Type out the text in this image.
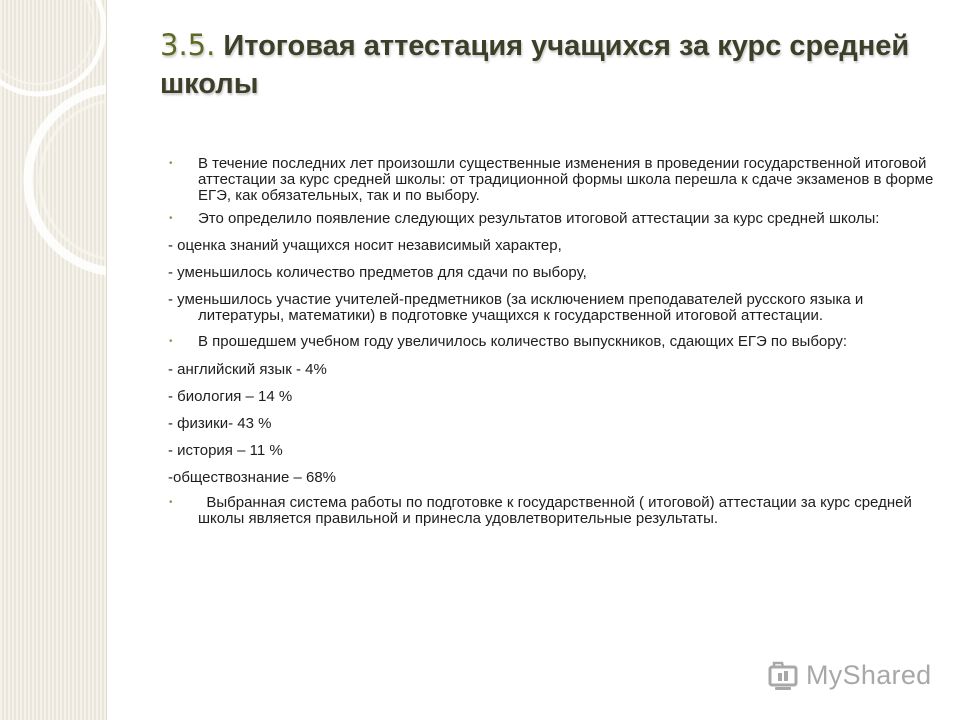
3.5. Итоговая аттестация учащихся за курс средней школы

• В течение последних лет произошли существенные изменения в проведении государственной итоговой аттестации за курс средней школы: от традиционной формы школа перешла к сдаче экзаменов в форме ЕГЭ, как обязательных, так и по выбору.

• Это определило появление следующих результатов итоговой аттестации за курс средней школы:

- оценка знаний учащихся носит независимый характер,

- уменьшилось количество предметов для сдачи по выбору,

- уменьшилось участие учителей-предметников (за исключением преподавателей русского языка и литературы, математики) в подготовке учащихся к государственной итоговой аттестации.

• В прошедшем учебном году увеличилось количество выпускников, сдающих ЕГЭ по выбору:

- английский язык - 4%

- биология – 14 %

- физики- 43 %

- история – 11 %

-обществознание – 68%

• Выбранная система работы по подготовке к государственной ( итоговой) аттестации за курс средней школы является правильной и принесла удовлетворительные результаты.

MyShared
